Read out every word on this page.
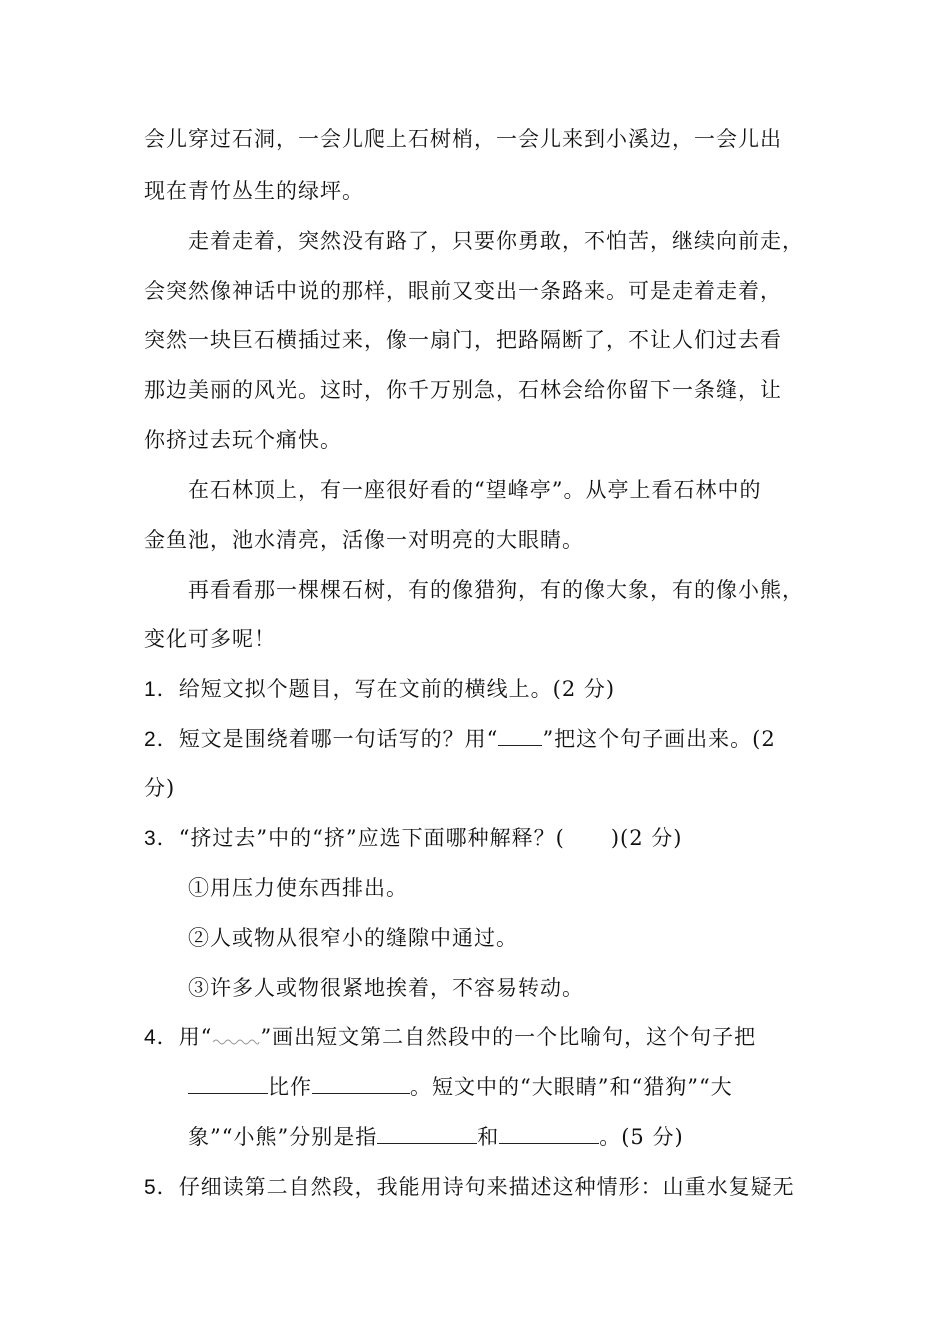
会儿穿过石洞，一会儿爬上石树梢，一会儿来到小溪边，一会儿出
现在青竹丛生的绿坪。
走着走着，突然没有路了，只要你勇敢，不怕苦，继续向前走，
会突然像神话中说的那样，眼前又变出一条路来。可是走着走着，
突然一块巨石横插过来，像一扇门，把路隔断了，不让人们过去看
那边美丽的风光。这时，你千万别急，石林会给你留下一条缝，让
你挤过去玩个痛快。
在石林顶上，有一座很好看的“望峰亭”。从亭上看石林中的
金鱼池，池水清亮，活像一对明亮的大眼睛。
再看看那一棵棵石树，有的像猎狗，有的像大象，有的像小熊，
变化可多呢！
1．给短文拟个题目，写在文前的横线上。(2 分)
2．短文是围绕着哪一句话写的？用“ ”把这个句子画出来。(2
分)
3．“挤过去”中的“挤”应选下面哪种解释？( )(2 分)
①用压力使东西排出。
②人或物从很窄小的缝隙中通过。
③许多人或物很紧地挨着，不容易转动。
4．用“ ”画出短文第二自然段中的一个比喻句，这个句子把
比作	。短文中的“大眼睛”和“猎狗”“大
象”“小熊”分别是指	和	。(5 分)
5．仔细读第二自然段，我能用诗句来描述这种情形：山重水复疑无
